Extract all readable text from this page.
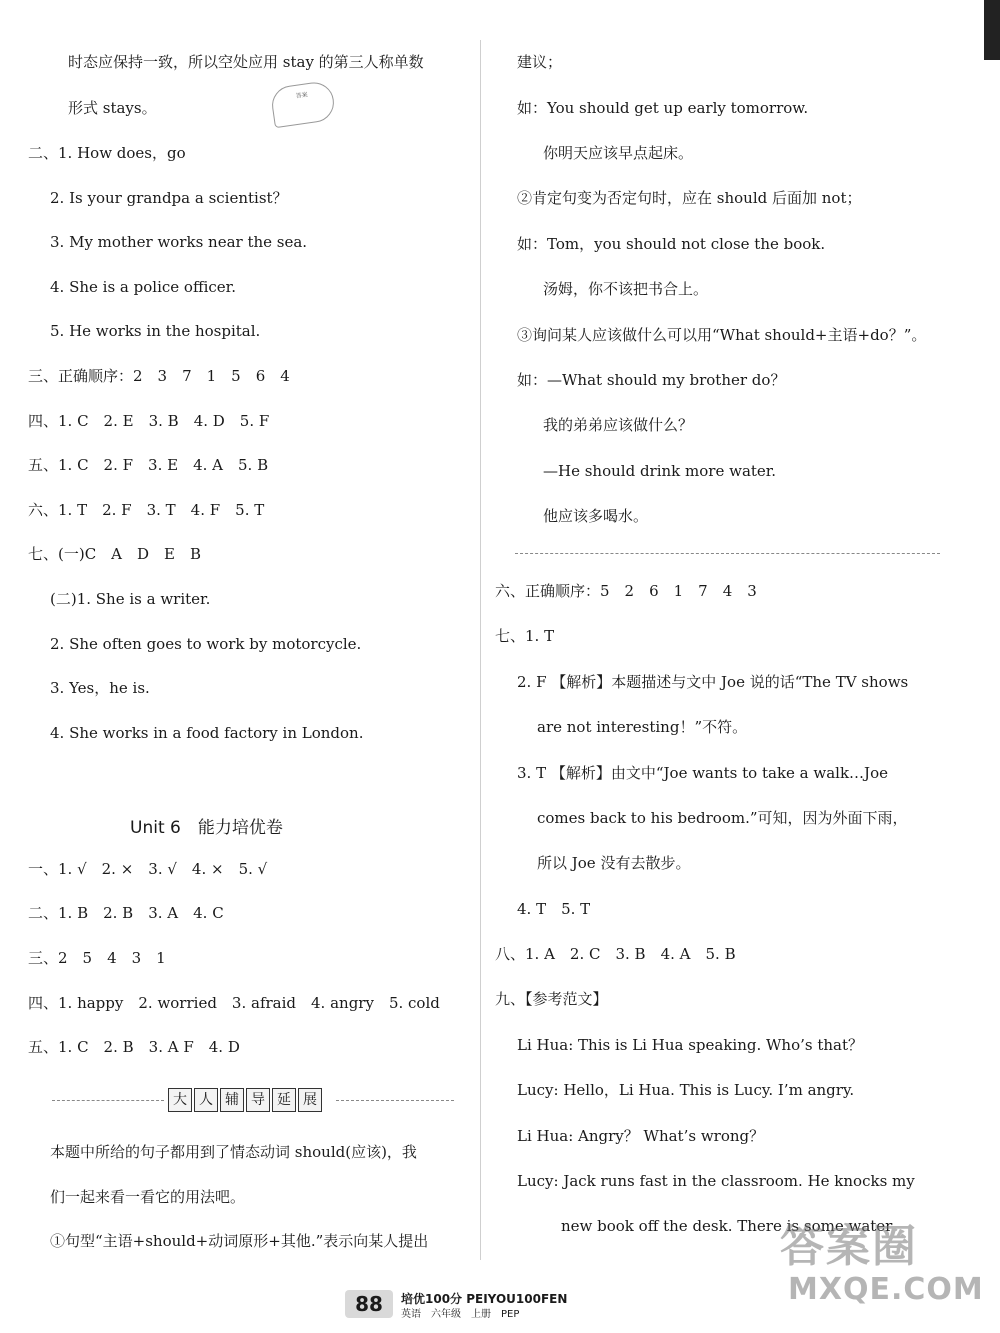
时态应保持一致，所以空处应用 stay 的第三人称单数
形式 stays。
二、1. How does，go
2. Is your grandpa a scientist？
3. My mother works near the sea.
4. She is a police officer.
5. He works in the hospital.
三、正确顺序：2　3　7　1　5　6　4
四、1. C　2. E　3. B　4. D　5. F
五、1. C　2. F　3. E　4. A　5. B
六、1. T　2. F　3. T　4. F　5. T
七、(一)C　A　D　E　B
(二)1. She is a writer.
2. She often goes to work by motorcycle.
3. Yes，he is.
4. She works in a food factory in London.
一、1. √　2. ×　3. √　4. ×　5. √
二、1. B　2. B　3. A　4. C
三、2　5　4　3　1
四、1. happy　2. worried　3. afraid　4. angry　5. cold
五、1. C　2. B　3. A F　4. D
本题中所给的句子都用到了情态动词 should(应该)，我
们一起来看一看它的用法吧。
①句型“主语+should+动词原形+其他.”表示向某人提出
建议；
如：You should get up early tomorrow.
你明天应该早点起床。
②肯定句变为否定句时，应在 should 后面加 not；
如：Tom，you should not close the book.
汤姆，你不该把书合上。
③询问某人应该做什么可以用“What should+主语+do？”。
如：—What should my brother do？
我的弟弟应该做什么？
—He should drink more water.
他应该多喝水。
六、正确顺序：5　2　6　1　7　4　3
七、1. T
2. F 【解析】本题描述与文中 Joe 说的话“The TV shows
are not interesting！”不符。
3. T 【解析】由文中“Joe wants to take a walk…Joe
comes back to his bedroom.”可知，因为外面下雨，
所以 Joe 没有去散步。
4. T　5. T
八、1. A　2. C　3. B　4. A　5. B
九、【参考范文】
Li Hua: This is Li Hua speaking. Who’s that？
Lucy: Hello，Li Hua. This is Lucy. I’m angry.
Li Hua: Angry？ What’s wrong？
Lucy: Jack runs fast in the classroom. He knocks my
new book off the desk. There is some water
答案
Unit 6　能力培优卷
大 人 辅 导 延 展
88	培优100分 PEIYOU100FEN
英语　六年级　上册　PEP
答案圈
MXQE.COM
